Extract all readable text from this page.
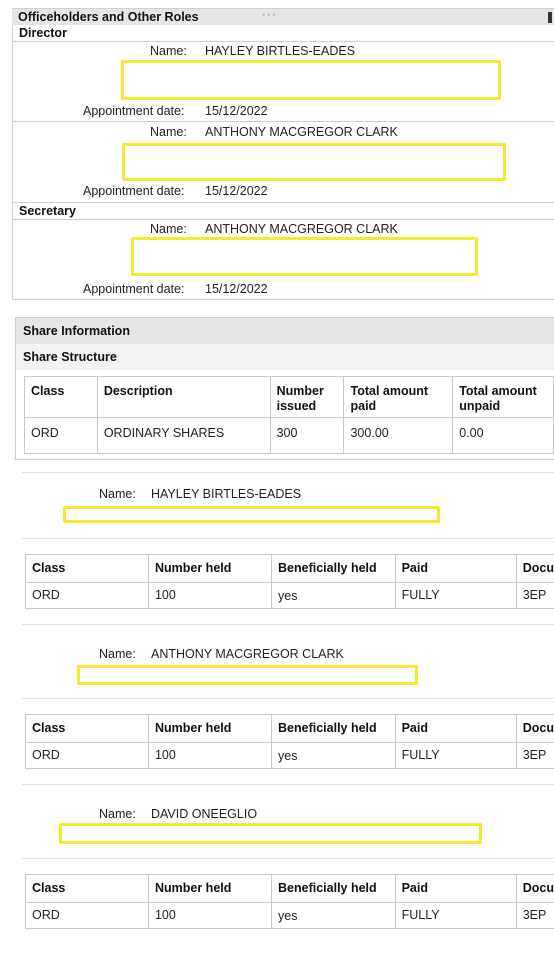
Officeholders and Other Roles	•••
Director
Name: HAYLEY BIRTLES-EADES
Appointment date: 15/12/2022
Name: ANTHONY MACGREGOR CLARK
Appointment date: 15/12/2022
Secretary
Name: ANTHONY MACGREGOR CLARK
Appointment date: 15/12/2022
Share Information
Share Structure
Class	Description	Number issued	Total amount paid	Total amount unpaid
ORD	ORDINARY SHARES	300	300.00	0.00
Name: HAYLEY BIRTLES-EADES
Class	Number held	Beneficially held	Paid	Docu
ORD	100	yes	FULLY	3EP
Name: ANTHONY MACGREGOR CLARK
Class	Number held	Beneficially held	Paid	Docu
ORD	100	yes	FULLY	3EP
Name: DAVID ONEEGLIO
Class	Number held	Beneficially held	Paid	Docu
ORD	100	yes	FULLY	3EP
